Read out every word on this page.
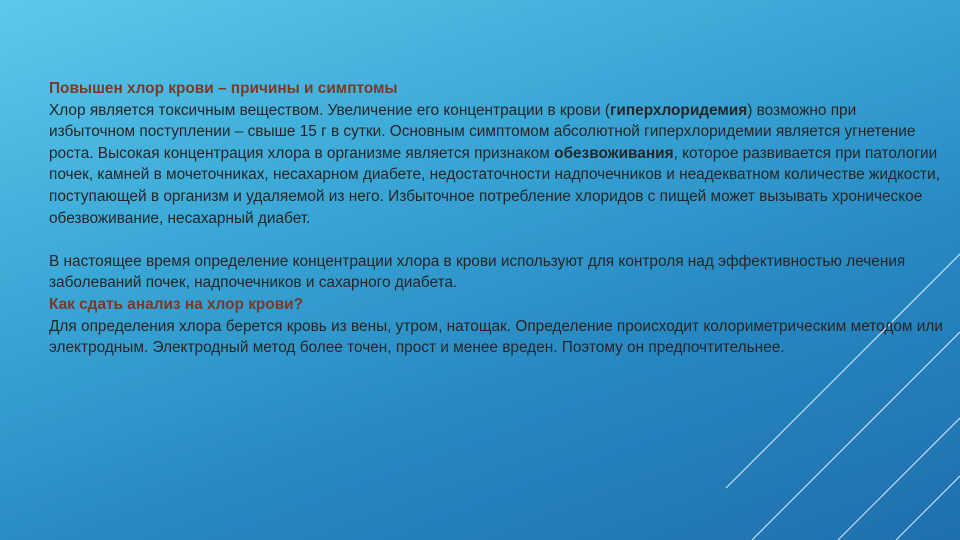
Повышен хлор крови – причины и симптомы

Хлор является токсичным веществом. Увеличение его концентрации в крови (гиперхлоридемия) возможно при избыточном поступлении – свыше 15 г в сутки. Основным симптомом абсолютной гиперхлоридемии является угнетение роста. Высокая концентрация хлора в организме является признаком обезвоживания, которое развивается при патологии почек, камней в мочеточниках, несахарном диабете, недостаточности надпочечников и неадекватном количестве жидкости, поступающей в организм и удаляемой из него. Избыточное потребление хлоридов с пищей может вызывать хроническое обезвоживание, несахарный диабет.

В настоящее время определение концентрации хлора в крови используют для контроля над эффективностью лечения заболеваний почек, надпочечников и сахарного диабета.

Как сдать анализ на хлор крови?

Для определения хлора берется кровь из вены, утром, натощак. Определение происходит колориметрическим методом или электродным. Электродный метод более точен, прост и менее вреден. Поэтому он предпочтительнее.
